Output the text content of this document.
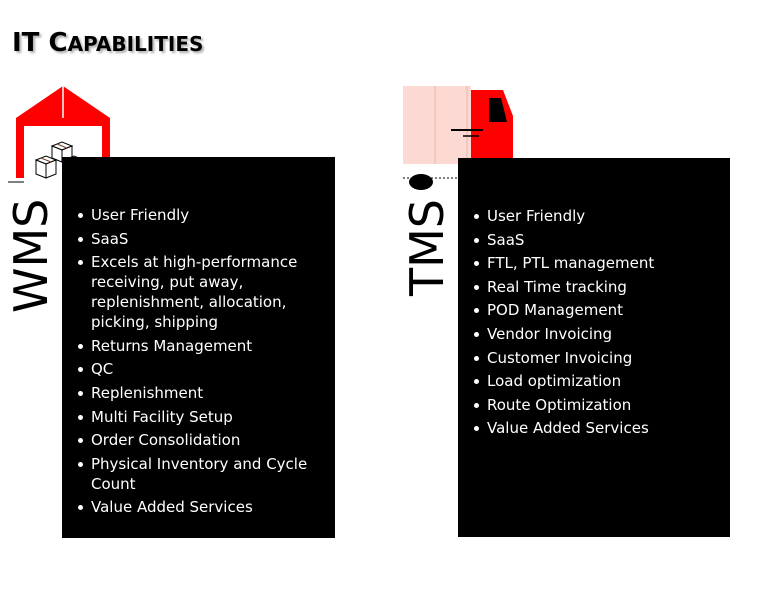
IT CAPABILITIES
WMS	User Friendly
SaaS
Excels at high-performance receiving, put away, replenishment, allocation, picking, shipping
Returns Management
QC
Replenishment
Multi Facility Setup
Order Consolidation
Physical Inventory and Cycle Count
Value Added Services
TMS	User Friendly
SaaS
FTL, PTL management
Real Time tracking
POD Management
Vendor Invoicing
Customer Invoicing
Load optimization
Route Optimization
Value Added Services
